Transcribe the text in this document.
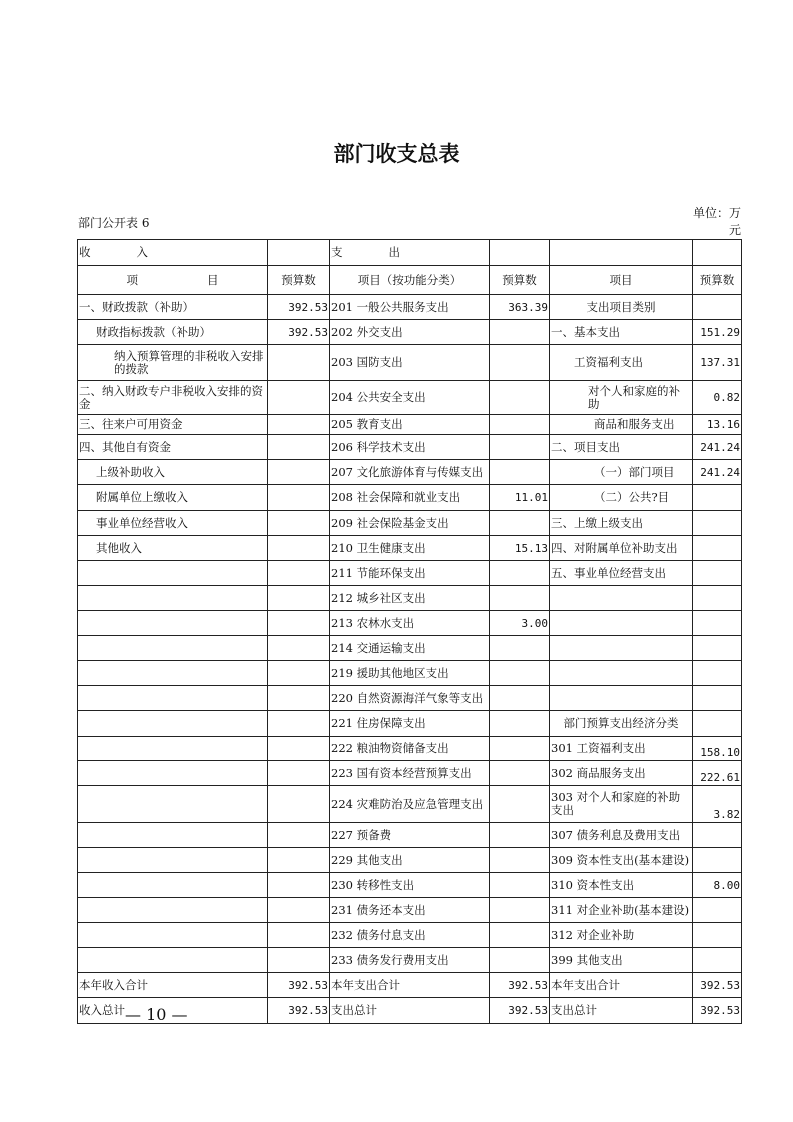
部门收支总表
部门公开表 6
单位：万元
收　　　　入		支　　　　出			
项　　　　　　目	预算数	项目（按功能分类）	预算数	项目	预算数
一、财政拨款（补助）	392.53	201 一般公共服务支出	363.39	支出项目类别	
财政指标拨款（补助）	392.53	202 外交支出		一、基本支出	151.29
纳入预算管理的非税收入安排的拨款		203 国防支出		工资福利支出	137.31
二、纳入财政专户非税收入安排的资金		204 公共安全支出		对个人和家庭的补助	0.82
三、往来户可用资金		205 教育支出		商品和服务支出	13.16
四、其他自有资金		206 科学技术支出		二、项目支出	241.24
上级补助收入		207 文化旅游体育与传媒支出		（一）部门项目	241.24
附属单位上缴收入		208 社会保障和就业支出	11.01	（二）公共?目	
事业单位经营收入		209 社会保险基金支出		三、上缴上级支出	
其他收入		210 卫生健康支出	15.13	四、对附属单位补助支出	
		211 节能环保支出		五、事业单位经营支出	
		212 城乡社区支出			
		213 农林水支出	3.00		
		214 交通运输支出			
		219 援助其他地区支出			
		220 自然资源海洋气象等支出			
		221 住房保障支出		部门预算支出经济分类	
		222 粮油物资储备支出		301 工资福利支出	158.10
		223 国有资本经营预算支出		302 商品服务支出	222.61
		224 灾难防治及应急管理支出		303 对个人和家庭的补助支出	3.82
		227 预备费		307 债务利息及费用支出	
		229 其他支出		309 资本性支出(基本建设)	
		230 转移性支出		310 资本性支出	8.00
		231 债务还本支出		311 对企业补助(基本建设)	
		232 债务付息支出		312 对企业补助	
		233 债务发行费用支出		399 其他支出	
本年收入合计	392.53	本年支出合计	392.53	本年支出合计	392.53
收入总计	392.53	支出总计	392.53	支出总计	392.53
— 10 —
